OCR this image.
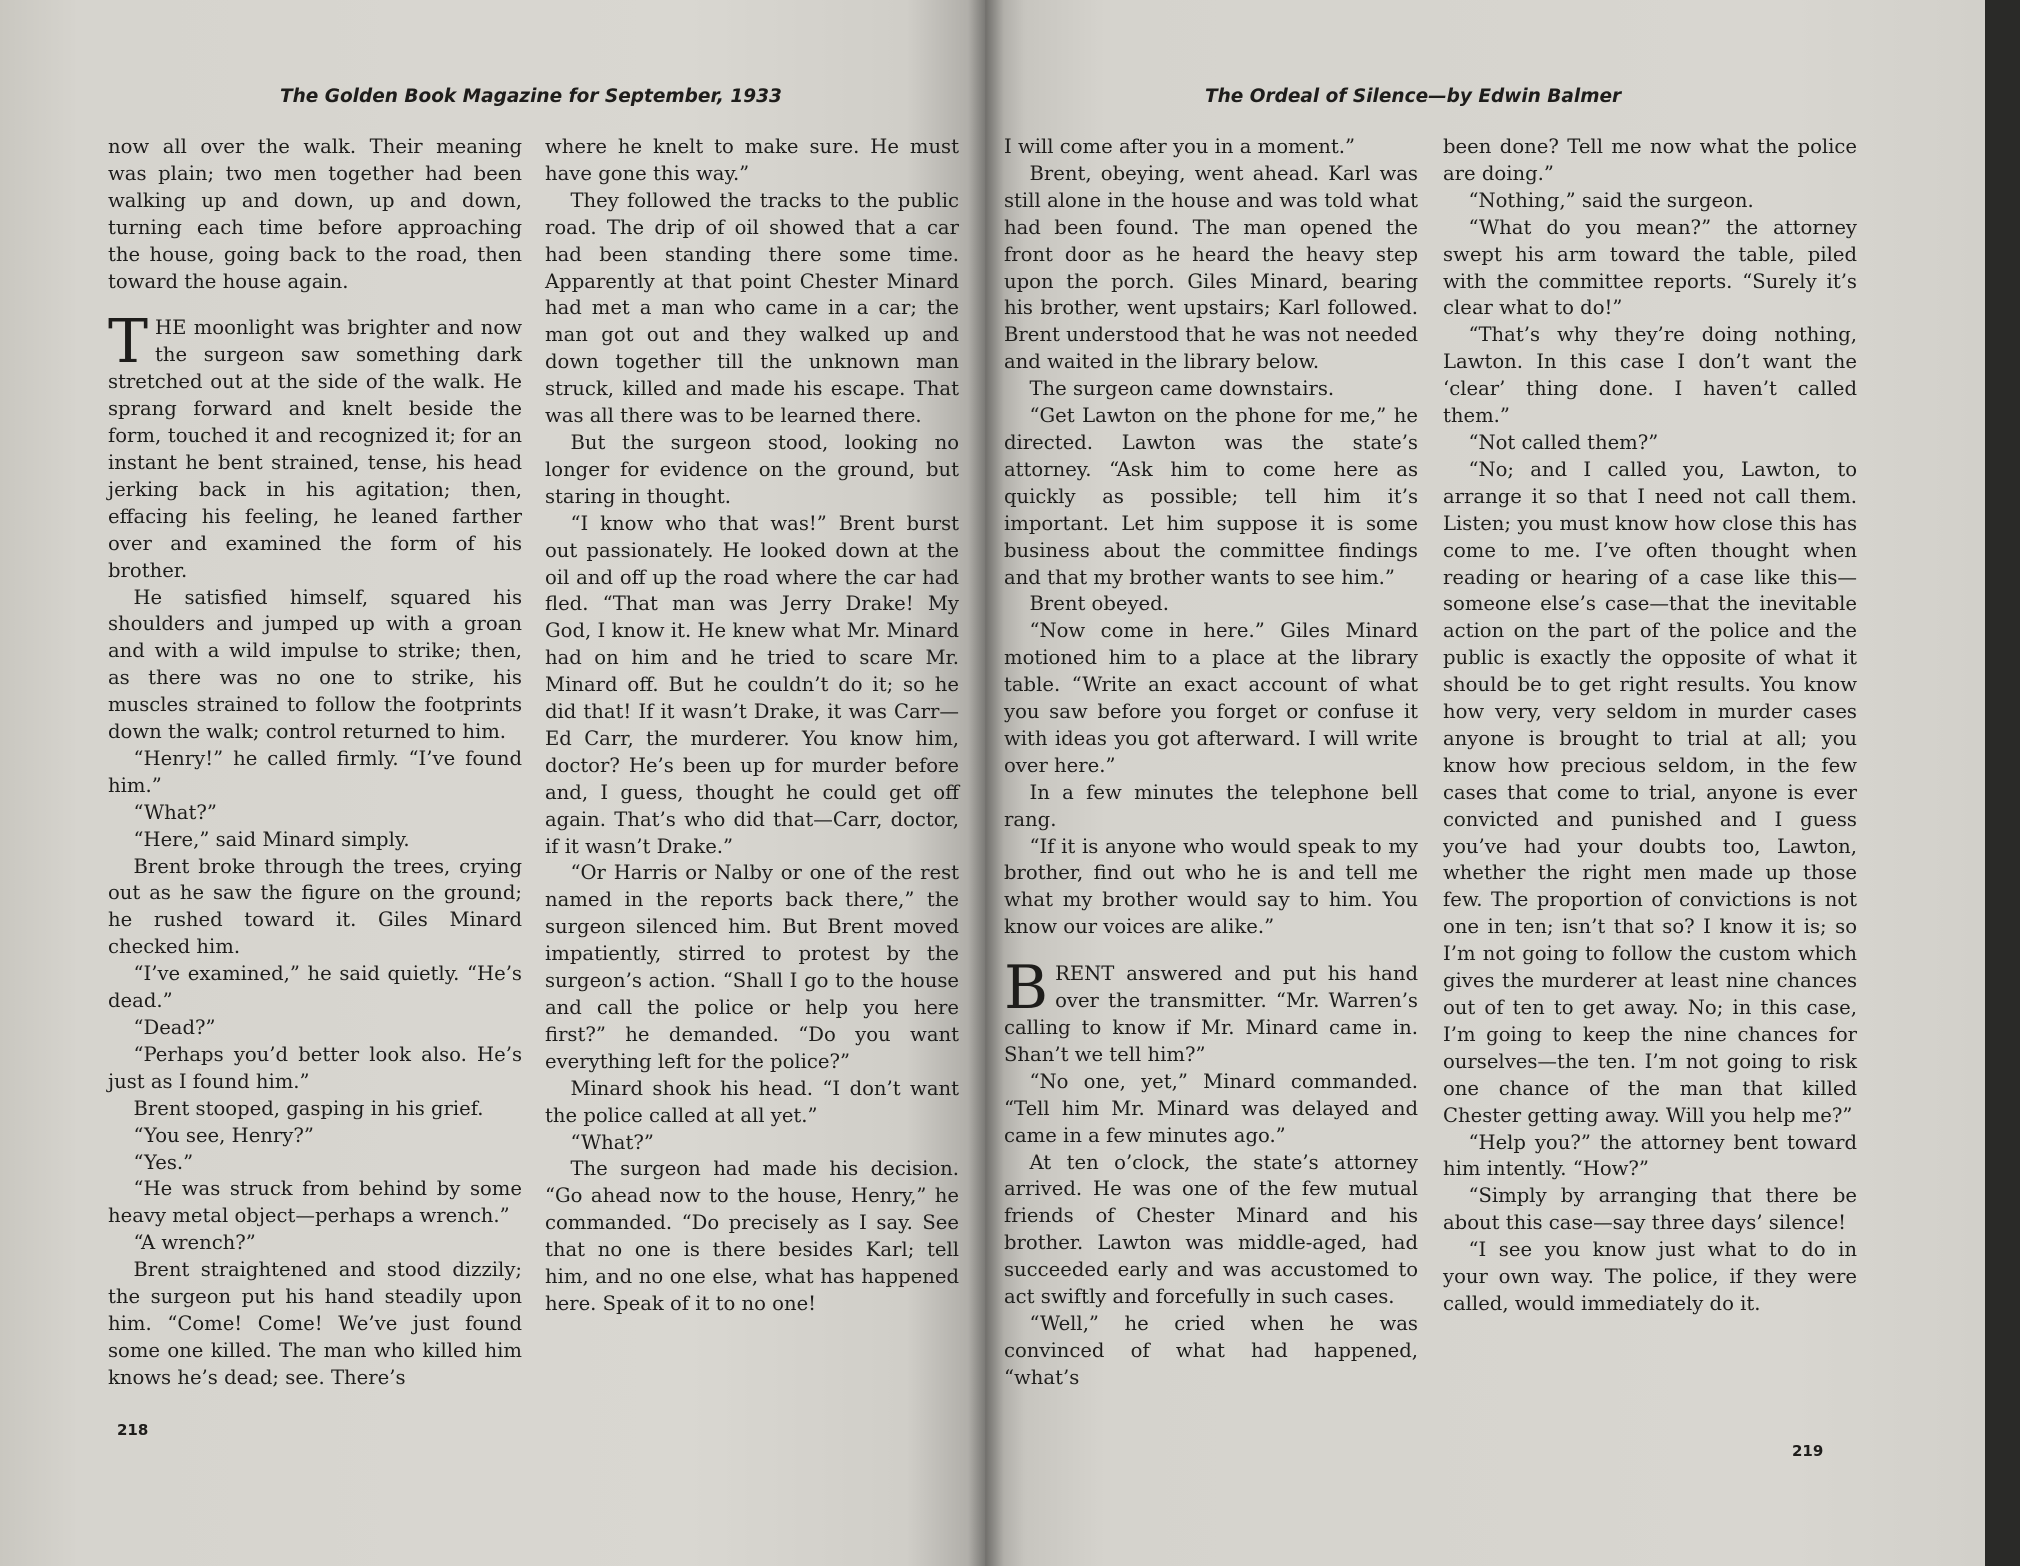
The Golden Book Magazine for September, 1933

now all over the walk. Their meaning was plain; two men together had been walking up and down, up and down, turning each time before approaching the house, going back to the road, then toward the house again.

THE moonlight was brighter and now the surgeon saw something dark stretched out at the side of the walk. He sprang forward and knelt beside the form, touched it and recognized it; for an instant he bent strained, tense, his head jerking back in his agitation; then, effacing his feeling, he leaned farther over and examined the form of his brother.

He satisfied himself, squared his shoulders and jumped up with a groan and with a wild impulse to strike; then, as there was no one to strike, his muscles strained to follow the footprints down the walk; control returned to him.

“Henry!” he called firmly. “I’ve found him.”

“What?”

“Here,” said Minard simply.

Brent broke through the trees, crying out as he saw the figure on the ground; he rushed toward it. Giles Minard checked him.

“I’ve examined,” he said quietly. “He’s dead.”

“Dead?”

“Perhaps you’d better look also. He’s just as I found him.”

Brent stooped, gasping in his grief.

“You see, Henry?”

“Yes.”

“He was struck from behind by some heavy metal object—perhaps a wrench.”

“A wrench?”

Brent straightened and stood dizzily; the surgeon put his hand steadily upon him. “Come! Come! We’ve just found some one killed. The man who killed him knows he’s dead; see. There’s

where he knelt to make sure. He must have gone this way.”

They followed the tracks to the public road. The drip of oil showed that a car had been standing there some time. Apparently at that point Chester Minard had met a man who came in a car; the man got out and they walked up and down together till the unknown man struck, killed and made his escape. That was all there was to be learned there.

But the surgeon stood, looking no longer for evidence on the ground, but staring in thought.

“I know who that was!” Brent burst out passionately. He looked down at the oil and off up the road where the car had fled. “That man was Jerry Drake! My God, I know it. He knew what Mr. Minard had on him and he tried to scare Mr. Minard off. But he couldn’t do it; so he did that! If it wasn’t Drake, it was Carr—Ed Carr, the murderer. You know him, doctor? He’s been up for murder before and, I guess, thought he could get off again. That’s who did that—Carr, doctor, if it wasn’t Drake.”

“Or Harris or Nalby or one of the rest named in the reports back there,” the surgeon silenced him. But Brent moved impatiently, stirred to protest by the surgeon’s action. “Shall I go to the house and call the police or help you here first?” he demanded. “Do you want everything left for the police?”

Minard shook his head. “I don’t want the police called at all yet.”

“What?”

The surgeon had made his decision. “Go ahead now to the house, Henry,” he commanded. “Do precisely as I say. See that no one is there besides Karl; tell him, and no one else, what has happened here. Speak of it to no one!

218
The Ordeal of Silence—by Edwin Balmer

I will come after you in a moment.”

Brent, obeying, went ahead. Karl was still alone in the house and was told what had been found. The man opened the front door as he heard the heavy step upon the porch. Giles Minard, bearing his brother, went upstairs; Karl followed. Brent understood that he was not needed and waited in the library below.

The surgeon came downstairs.

“Get Lawton on the phone for me,” he directed. Lawton was the state’s attorney. “Ask him to come here as quickly as possible; tell him it’s important. Let him suppose it is some business about the committee findings and that my brother wants to see him.”

Brent obeyed.

“Now come in here.” Giles Minard motioned him to a place at the library table. “Write an exact account of what you saw before you forget or confuse it with ideas you got afterward. I will write over here.”

In a few minutes the telephone bell rang.

“If it is anyone who would speak to my brother, find out who he is and tell me what my brother would say to him. You know our voices are alike.”

BRENT answered and put his hand over the transmitter. “Mr. Warren’s calling to know if Mr. Minard came in. Shan’t we tell him?”

“No one, yet,” Minard commanded. “Tell him Mr. Minard was delayed and came in a few minutes ago.”

At ten o’clock, the state’s attorney arrived. He was one of the few mutual friends of Chester Minard and his brother. Lawton was middle-aged, had succeeded early and was accustomed to act swiftly and forcefully in such cases.

“Well,” he cried when he was convinced of what had happened, “what’s

been done? Tell me now what the police are doing.”

“Nothing,” said the surgeon.

“What do you mean?” the attorney swept his arm toward the table, piled with the committee reports. “Surely it’s clear what to do!”

“That’s why they’re doing nothing, Lawton. In this case I don’t want the ‘clear’ thing done. I haven’t called them.”

“Not called them?”

“No; and I called you, Lawton, to arrange it so that I need not call them. Listen; you must know how close this has come to me. I’ve often thought when reading or hearing of a case like this—someone else’s case—that the inevitable action on the part of the police and the public is exactly the opposite of what it should be to get right results. You know how very, very seldom in murder cases anyone is brought to trial at all; you know how precious seldom, in the few cases that come to trial, anyone is ever convicted and punished and I guess you’ve had your doubts too, Lawton, whether the right men made up those few. The proportion of convictions is not one in ten; isn’t that so? I know it is; so I’m not going to follow the custom which gives the murderer at least nine chances out of ten to get away. No; in this case, I’m going to keep the nine chances for ourselves—the ten. I’m not going to risk one chance of the man that killed Chester getting away. Will you help me?”

“Help you?” the attorney bent toward him intently. “How?”

“Simply by arranging that there be about this case—say three days’ silence!

“I see you know just what to do in your own way. The police, if they were called, would immediately do it.

219
